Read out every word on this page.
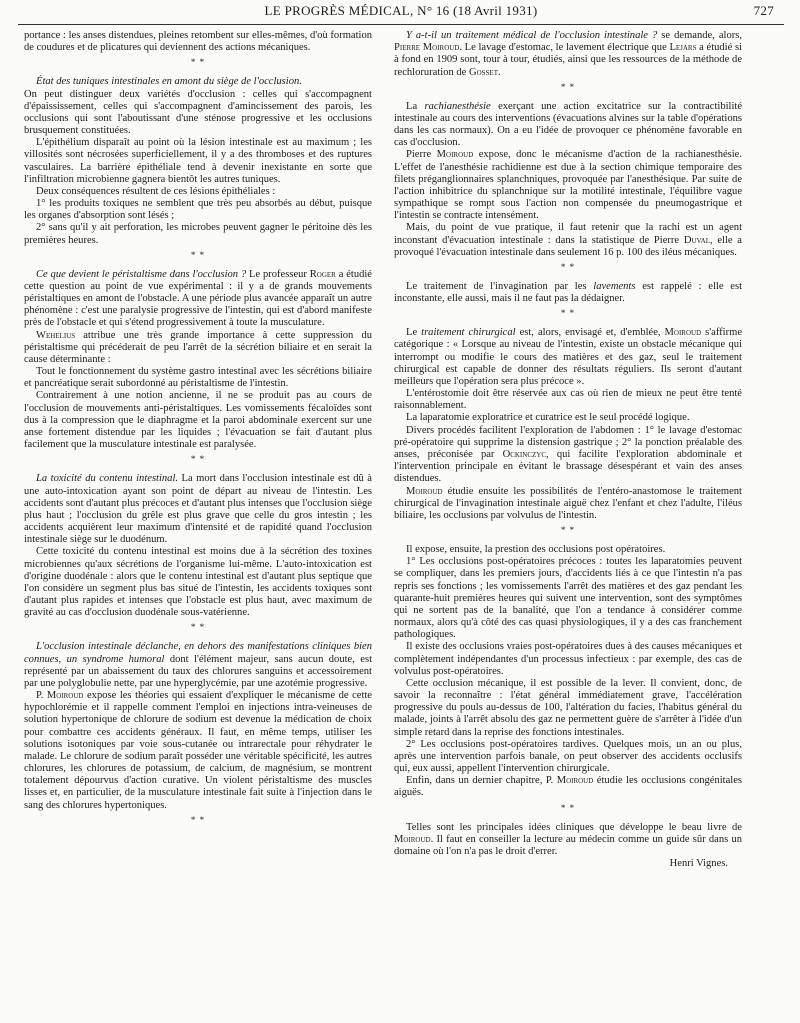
LE PROGRÈS MÉDICAL, N° 16 (18 Avril 1931)	727

portance : les anses distendues, pleines retombent sur elles-mêmes, d'où formation de coudures et de plicatures qui deviennent des actions mécaniques.

* *

État des tuniques intestinales en amont du siège de l'occlusion.

On peut distinguer deux variétés d'occlusion : celles qui s'accompagnent d'épaississement, celles qui s'accompagnent d'amincissement des parois, les occlusions qui sont l'aboutissant d'une sténose progressive et les occlusions brusquement constituées.

L'épithélium disparaît au point où la lésion intestinale est au maximum ; les villosités sont nécrosées superficiellement, il y a des thromboses et des ruptures vasculaires. La barrière épithéliale tend à devenir inexistante en sorte que l'infiltration microbienne gagnera bientôt les autres tuniques.

Deux conséquences résultent de ces lésions épithéliales :

1° les produits toxiques ne semblent que très peu absorbés au début, puisque les organes d'absorption sont lésés ;

2° sans qu'il y ait perforation, les microbes peuvent gagner le péritoine dès les premières heures.

* *

Ce que devient le péristaltisme dans l'occlusion ? Le professeur Roger a étudié cette question au point de vue expérimental : il y a de grands mouvements péristaltiques en amont de l'obstacle. A une période plus avancée apparaît un autre phénomène : c'est une paralysie progressive de l'intestin, qui est d'abord manifeste près de l'obstacle et qui s'étend progressivement à toute la musculature.

Wehelius attribue une très grande importance à cette suppression du péristaltisme qui précéderait de peu l'arrêt de la sécrétion biliaire et en serait la cause déterminante :

Tout le fonctionnement du système gastro intestinal avec les sécrétions biliaire et pancréatique serait subordonné au péristaltisme de l'intestin.

Contrairement à une notion ancienne, il ne se produit pas au cours de l'occlusion de mouvements anti-péristaltiques. Les vomissements fécaloïdes sont dus à la compression que le diaphragme et la paroi abdominale exercent sur une anse fortement distendue par les liquides ; l'évacuation se fait d'autant plus facilement que la musculature intestinale est paralysée.

* *

La toxicité du contenu intestinal. La mort dans l'occlusion intestinale est dû à une auto-intoxication ayant son point de départ au niveau de l'intestin. Les accidents sont d'autant plus précoces et d'autant plus intenses que l'occlusion siège plus haut ; l'occlusion du grêle est plus grave que celle du gros intestin ; les accidents acquièrent leur maximum d'intensité et de rapidité quand l'occlusion intestinale siège sur le duodénum.

Cette toxicité du contenu intestinal est moins due à la sécrétion des toxines microbiennes qu'aux sécrétions de l'organisme lui-même. L'auto-intoxication est d'origine duodénale : alors que le contenu intestinal est d'autant plus septique que l'on considère un segment plus bas situé de l'intestin, les accidents toxiques sont d'autant plus rapides et intenses que l'obstacle est plus haut, avec maximum de gravité au cas d'occlusion duodénale sous-vatérienne.

* *

L'occlusion intestinale déclanche, en dehors des manifestations cliniques bien connues, un syndrome humoral dont l'élément majeur, sans aucun doute, est représenté par un abaissement du taux des chlorures sanguins et accessoirement par une polyglobulie nette, par une hyperglycémie, par une azotémie progressive.

P. Moiroud expose les théories qui essaient d'expliquer le mécanisme de cette hypochlorémie et il rappelle comment l'emploi en injections intra-veineuses de solution hypertonique de chlorure de sodium est devenue la médication de choix pour combattre ces accidents généraux. Il faut, en même temps, utiliser les solutions isotoniques par voie sous-cutanée ou intrarectale pour réhydrater le malade. Le chlorure de sodium paraît posséder une véritable spécificité, les autres chlorures, les chlorures de potassium, de calcium, de magnésium, se montrent totalement dépourvus d'action curative. Un violent péristaltisme des muscles lisses et, en particulier, de la musculature intestinale fait suite à l'injection dans le sang des chlorures hypertoniques.

* *

Y a-t-il un traitement médical de l'occlusion intestinale ? se demande, alors, Pierre Moiroud. Le lavage d'estomac, le lavement électrique que Lejars a étudié si à fond en 1909 sont, tour à tour, étudiés, ainsi que les ressources de la méthode de rechloruration de Gosset.

* *

La rachianesthésie exerçant une action excitatrice sur la contractibilité intestinale au cours des interventions (évacuations alvines sur la table d'opérations dans les cas normaux). On a eu l'idée de provoquer ce phénomène favorable en cas d'occlusion.

Pierre Moiroud expose, donc le mécanisme d'action de la rachianesthésie. L'effet de l'anesthésie rachidienne est due à la section chimique temporaire des filets préganglionnaires splanchniques, provoquée par l'anesthésique. Par suite de l'action inhibitrice du splanchnique sur la motilité intestinale, l'équilibre vague sympathique se rompt sous l'action non compensée du pneumogastrique et l'intestin se contracte intensément.

Mais, du point de vue pratique, il faut retenir que la rachi est un agent inconstant d'évacuation intestinale : dans la statistique de Pierre Duval, elle a provoqué l'évacuation intestinale dans seulement 16 p. 100 des iléus mécaniques.

* *

Le traitement de l'invagination par les lavements est rappelé : elle est inconstante, elle aussi, mais il ne faut pas la dédaigner.

* *

Le traitement chirurgical est, alors, envisagé et, d'emblée, Moiroud s'affirme catégorique : « Lorsque au niveau de l'intestin, existe un obstacle mécanique qui interrompt ou modifie le cours des matières et des gaz, seul le traitement chirurgical est capable de donner des résultats réguliers. Ils seront d'autant meilleurs que l'opération sera plus précoce ».

L'entérostomie doit être réservée aux cas où rien de mieux ne peut être tenté raisonnablement.

La laparatomie exploratrice et curatrice est le seul procédé logique.

Divers procédés facilitent l'exploration de l'abdomen : 1° le lavage d'estomac pré-opératoire qui supprime la distension gastrique ; 2° la ponction préalable des anses, préconisée par Ockinczyc, qui facilite l'exploration abdominale et l'intervention principale en évitant le brassage désespérant et vain des anses distendues.

Moiroud étudie ensuite les possibilités de l'entéro-anastomose le traitement chirurgical de l'invagination intestinale aiguë chez l'enfant et chez l'adulte, l'iléus biliaire, les occlusions par volvulus de l'intestin.

* *

Il expose, ensuite, la prestion des occlusions post opératoires.

1° Les occlusions post-opératoires précoces : toutes les laparatomies peuvent se compliquer, dans les premiers jours, d'accidents liés à ce que l'intestin n'a pas repris ses fonctions ; les vomissements l'arrêt des matières et des gaz pendant les quarante-huit premières heures qui suivent une intervention, sont des symptômes qui ne sortent pas de la banalité, que l'on a tendance à considérer comme normaux, alors qu'à côté des cas quasi physiologiques, il y a des cas franchement pathologiques.

Il existe des occlusions vraies post-opératoires dues à des causes mécaniques et complètement indépendantes d'un processus infectieux : par exemple, des cas de volvulus post-opératoires.

Cette occlusion mécanique, il est possible de la lever. Il convient, donc, de savoir la reconnaître : l'état général immédiatement grave, l'accélération progressive du pouls au-dessus de 100, l'altération du facies, l'habitus général du malade, joints à l'arrêt absolu des gaz ne permettent guère de s'arrêter à l'idée d'un simple retard dans la reprise des fonctions intestinales.

2° Les occlusions post-opératoires tardives. Quelques mois, un an ou plus, après une intervention parfois banale, on peut observer des accidents occlusifs qui, eux aussi, appellent l'intervention chirurgicale.

Enfin, dans un dernier chapitre, P. Moiroud étudie les occlusions congénitales aiguës.

* *

Telles sont les principales idées cliniques que développe le beau livre de Moiroud. Il faut en conseiller la lecture au médecin comme un guide sûr dans un domaine où l'on n'a pas le droit d'errer.

Henri Vignes.
